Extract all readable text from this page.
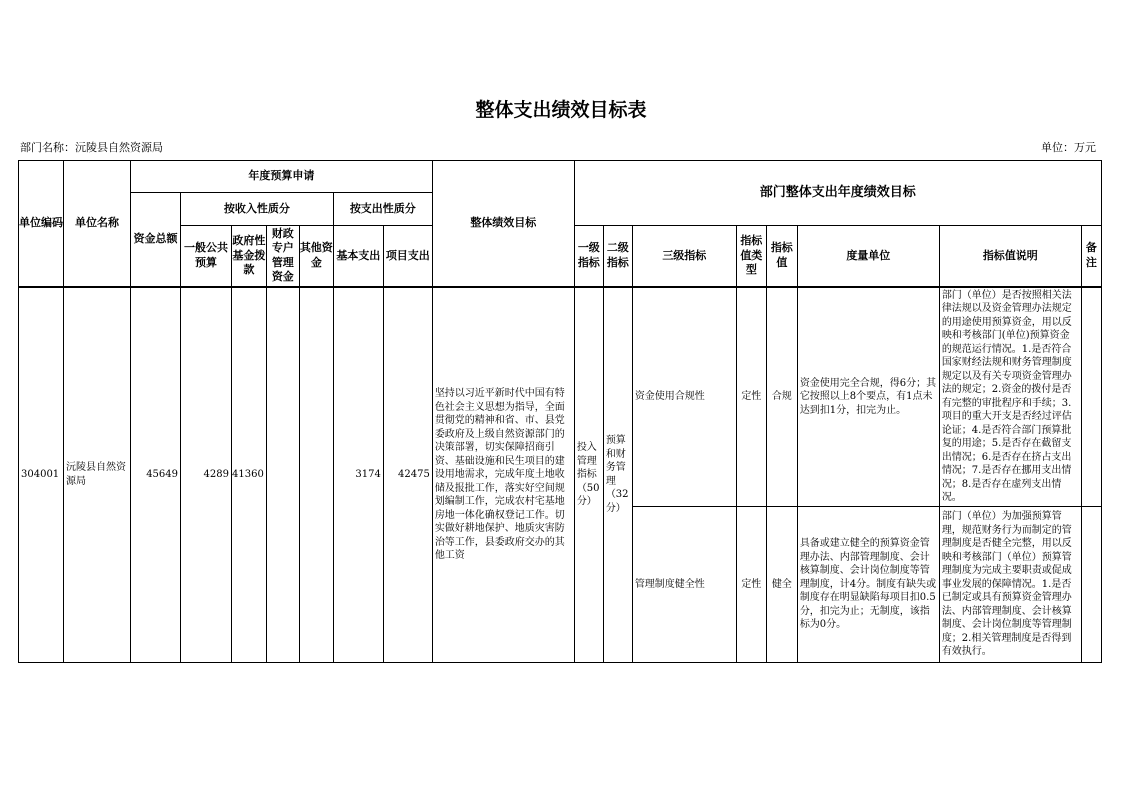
整体支出绩效目标表
部门名称：沅陵县自然资源局	单位：万元
单位编码	单位名称	年度预算申请							整体绩效目标	部门整体支出年度绩效目标							
		资金总额	按收入性质分				按支出性质分										
			一般公共预算	政府性基金拨款	财政专户管理资金	其他资金	基本支出	项目支出		一级指标	二级指标	三级指标	指标值类型	指标值	度量单位	指标值说明	备注
304001	沅陵县自然资源局	45649	4289	41360			3174	42475	坚持以习近平新时代中国有特色社会主义思想为指导，全面贯彻党的精神和省、市、县党委政府及上级自然资源部门的决策部署，切实保障招商引资、基础设施和民生项目的建设用地需求，完成年度土地收储及报批工作，落实好空间规划编制工作，完成农村宅基地房地一体化确权登记工作。切实做好耕地保护、地质灾害防治等工作，县委政府交办的其他工资	投入管理指标（50分）	预算和财务管理（32分）	资金使用合规性	定性	合规	资金使用完全合规，得6分；其它按照以上8个要点，有1点未达到扣1分，扣完为止。	部门（单位）是否按照相关法律法规以及资金管理办法规定的用途使用预算资金，用以反映和考核部门(单位)预算资金的规范运行情况。1.是否符合国家财经法规和财务管理制度规定以及有关专项资金管理办法的规定；2.资金的拨付是否有完整的审批程序和手续；3.项目的重大开支是否经过评估论证；4.是否符合部门预算批复的用途；5.是否存在截留支出情况；6.是否存在挤占支出情况；7.是否存在挪用支出情况；8.是否存在虚列支出情况。	
												管理制度健全性	定性	健全	具备或建立健全的预算资金管理办法、内部管理制度、会计核算制度、会计岗位制度等管理制度，计4分。制度有缺失或制度存在明显缺陷每项目扣0.5分，扣完为止；无制度，该指标为0分。	部门（单位）为加强预算管理，规范财务行为而制定的管理制度是否健全完整，用以反映和考核部门（单位）预算管理制度为完成主要职责或促成事业发展的保障情况。1.是否已制定或具有预算资金管理办法、内部管理制度、会计核算制度、会计岗位制度等管理制度；2.相关管理制度是否得到有效执行。	
